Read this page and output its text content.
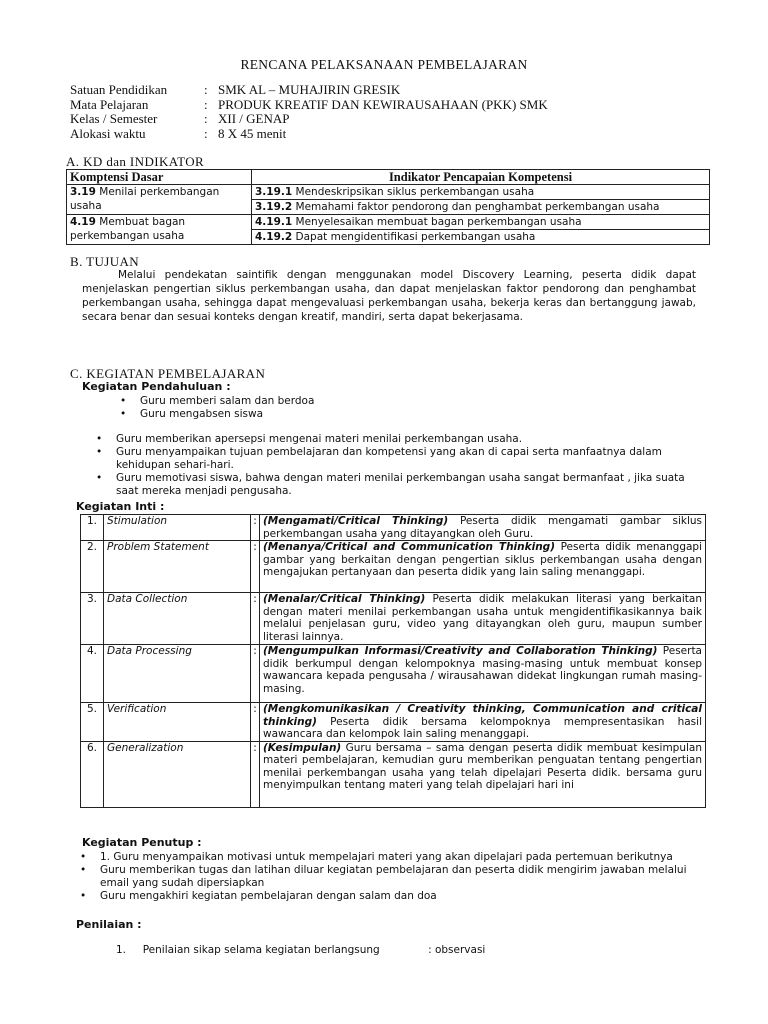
RENCANA PELAKSANAAN PEMBELAJARAN
Satuan Pendidikan	: SMK AL – MUHAJIRIN GRESIK
Mata Pelajaran	: PRODUK KREATIF DAN KEWIRAUSAHAAN (PKK) SMK
Kelas / Semester	: XII / GENAP
Alokasi waktu	: 8 X 45 menit
A. KD dan INDIKATOR
Komptensi Dasar	Indikator Pencapaian Kompetensi
3.19 Menilai perkembangan usaha	3.19.1 Mendeskripsikan siklus perkembangan usaha
	3.19.2 Memahami faktor pendorong dan penghambat perkembangan usaha
4.19 Membuat bagan perkembangan usaha	4.19.1 Menyelesaikan membuat bagan perkembangan usaha
	4.19.2 Dapat mengidentifikasi perkembangan usaha
B. TUJUAN
Melalui pendekatan saintifik dengan menggunakan model Discovery Learning, peserta didik dapat menjelaskan pengertian siklus perkembangan usaha, dan dapat menjelaskan faktor pendorong dan penghambat perkembangan usaha, sehingga dapat mengevaluasi perkembangan usaha, bekerja keras dan bertanggung jawab, secara benar dan sesuai konteks dengan kreatif, mandiri, serta dapat bekerjasama.
C. KEGIATAN PEMBELAJARAN
Kegiatan Pendahuluan :
• Guru memberi salam dan berdoa
• Guru mengabsen siswa
• Guru memberikan apersepsi mengenai materi menilai perkembangan usaha.
• Guru menyampaikan tujuan pembelajaran dan kompetensi yang akan di capai serta manfaatnya dalam kehidupan sehari-hari.
• Guru memotivasi siswa, bahwa dengan materi menilai perkembangan usaha sangat bermanfaat , jika suata saat mereka menjadi pengusaha.
Kegiatan Inti :
1.	Stimulation	:	(Mengamati/Critical Thinking) Peserta didik mengamati gambar siklus perkembangan usaha yang ditayangkan oleh Guru.
2.	Problem Statement	:	(Menanya/Critical and Communication Thinking) Peserta didik menanggapi gambar yang berkaitan dengan pengertian siklus perkembangan usaha dengan mengajukan pertanyaan dan peserta didik yang lain saling menanggapi.
3.	Data Collection	:	(Menalar/Critical Thinking) Peserta didik melakukan literasi yang berkaitan dengan materi menilai perkembangan usaha untuk mengidentifikasikannya baik melalui penjelasan guru, video yang ditayangkan oleh guru, maupun sumber literasi lainnya.
4.	Data Processing	:	(Mengumpulkan Informasi/Creativity and Collaboration Thinking) Peserta didik berkumpul dengan kelompoknya masing-masing untuk membuat konsep wawancara kepada pengusaha / wirausahawan didekat lingkungan rumah masing-masing.
5.	Verification	:	(Mengkomunikasikan / Creativity thinking, Communication and critical thinking) Peserta didik bersama kelompoknya mempresentasikan hasil wawancara dan kelompok lain saling menanggapi.
6.	Generalization	:	(Kesimpulan) Guru bersama – sama dengan peserta didik membuat kesimpulan materi pembelajaran, kemudian guru memberikan penguatan tentang pengertian menilai perkembangan usaha yang telah dipelajari Peserta didik. bersama guru menyimpulkan tentang materi yang telah dipelajari hari ini
Kegiatan Penutup :
• 1. Guru menyampaikan motivasi untuk mempelajari materi yang akan dipelajari pada pertemuan berikutnya
• Guru memberikan tugas dan latihan diluar kegiatan pembelajaran dan peserta didik mengirim jawaban melalui email yang sudah dipersiapkan
• Guru mengakhiri kegiatan pembelajaran dengan salam dan doa
Penilaian :
1. Penilaian sikap selama kegiatan berlangsung	: observasi
